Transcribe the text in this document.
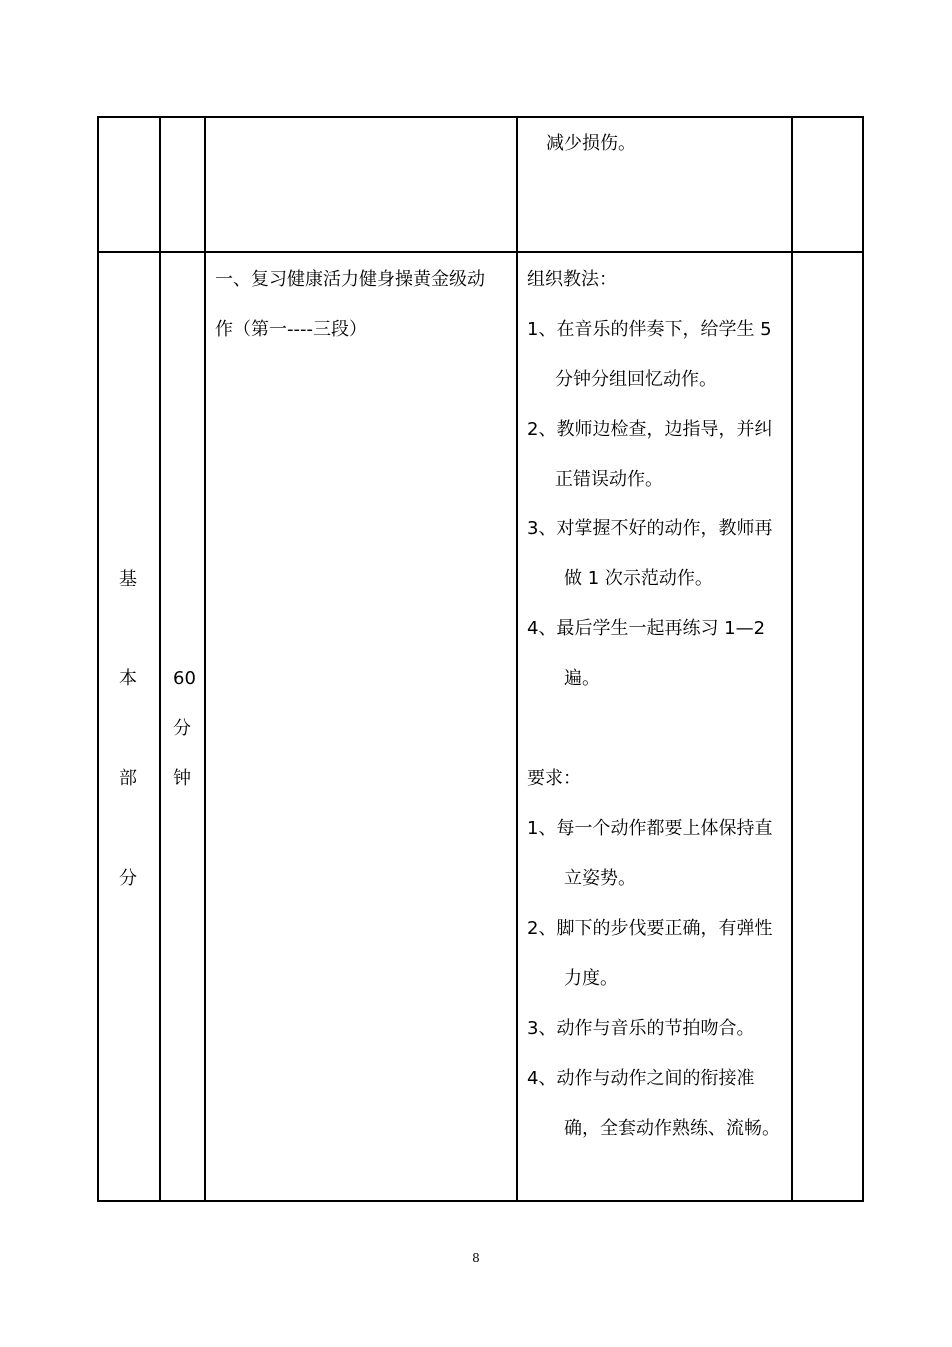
减少损伤。
基
本
部
分
60
分
钟
一、复习健康活力健身操黄金级动
作（第一----三段）
组织教法：
1、在音乐的伴奏下，给学生 5
分钟分组回忆动作。
2、教师边检查，边指导，并纠
正错误动作。
3、对掌握不好的动作，教师再
做 1 次示范动作。
4、最后学生一起再练习 1—2
遍。
要求：
1、每一个动作都要上体保持直
立姿势。
2、脚下的步伐要正确，有弹性
力度。
3、动作与音乐的节拍吻合。
4、动作与动作之间的衔接准
确，全套动作熟练、流畅。
8
